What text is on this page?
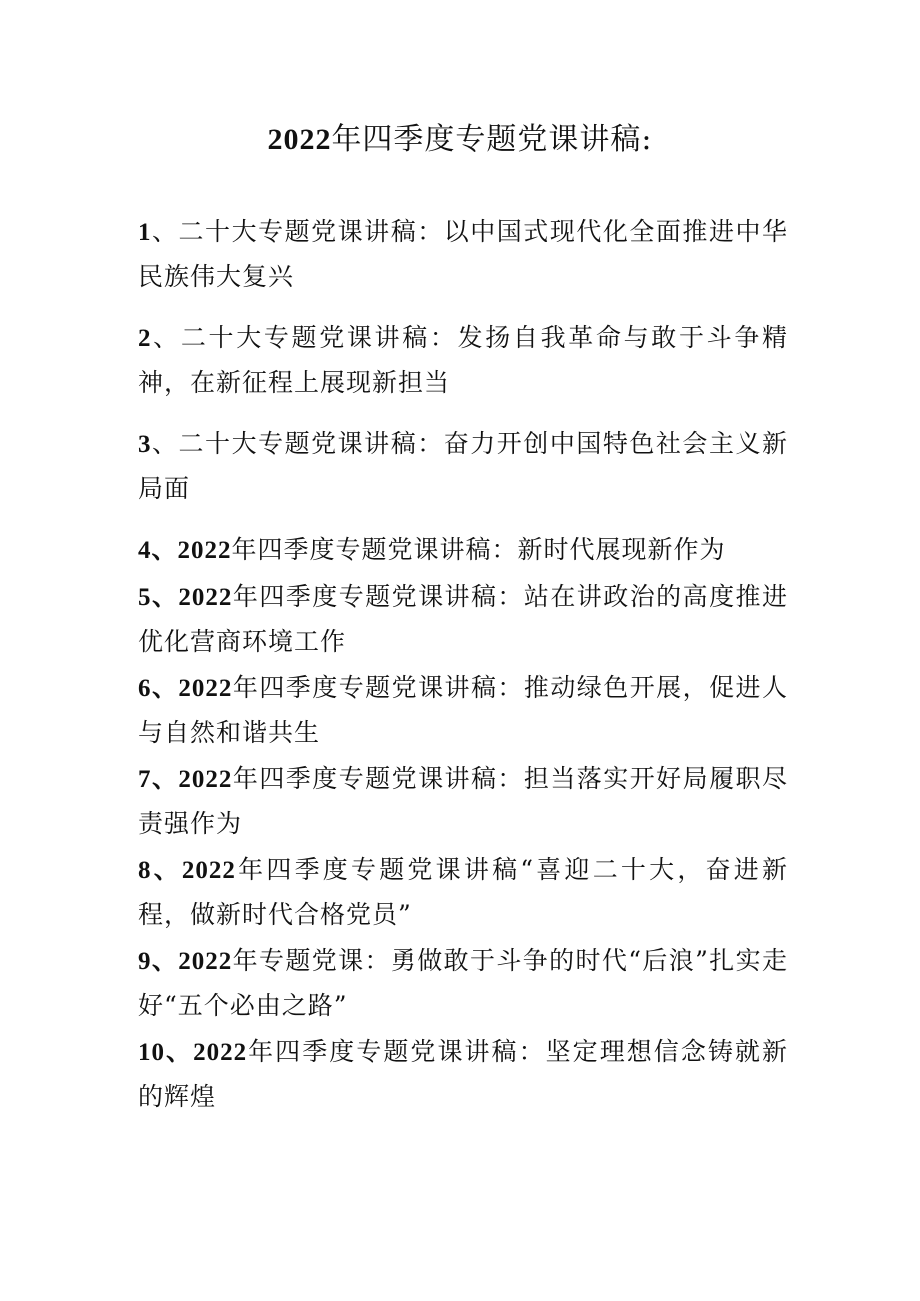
2022年四季度专题党课讲稿:
1、二十大专题党课讲稿：以中国式现代化全面推进中华民族伟大复兴
2、二十大专题党课讲稿：发扬自我革命与敢于斗争精神，在新征程上展现新担当
3、二十大专题党课讲稿：奋力开创中国特色社会主义新局面
4、2022年四季度专题党课讲稿：新时代展现新作为
5、2022年四季度专题党课讲稿：站在讲政治的高度推进优化营商环境工作
6、2022年四季度专题党课讲稿：推动绿色开展，促进人与自然和谐共生
7、2022年四季度专题党课讲稿：担当落实开好局履职尽责强作为
8、2022年四季度专题党课讲稿“喜迎二十大，奋进新程，做新时代合格党员”
9、2022年专题党课：勇做敢于斗争的时代“后浪”扎实走好“五个必由之路”
10、2022年四季度专题党课讲稿：坚定理想信念铸就新的辉煌
